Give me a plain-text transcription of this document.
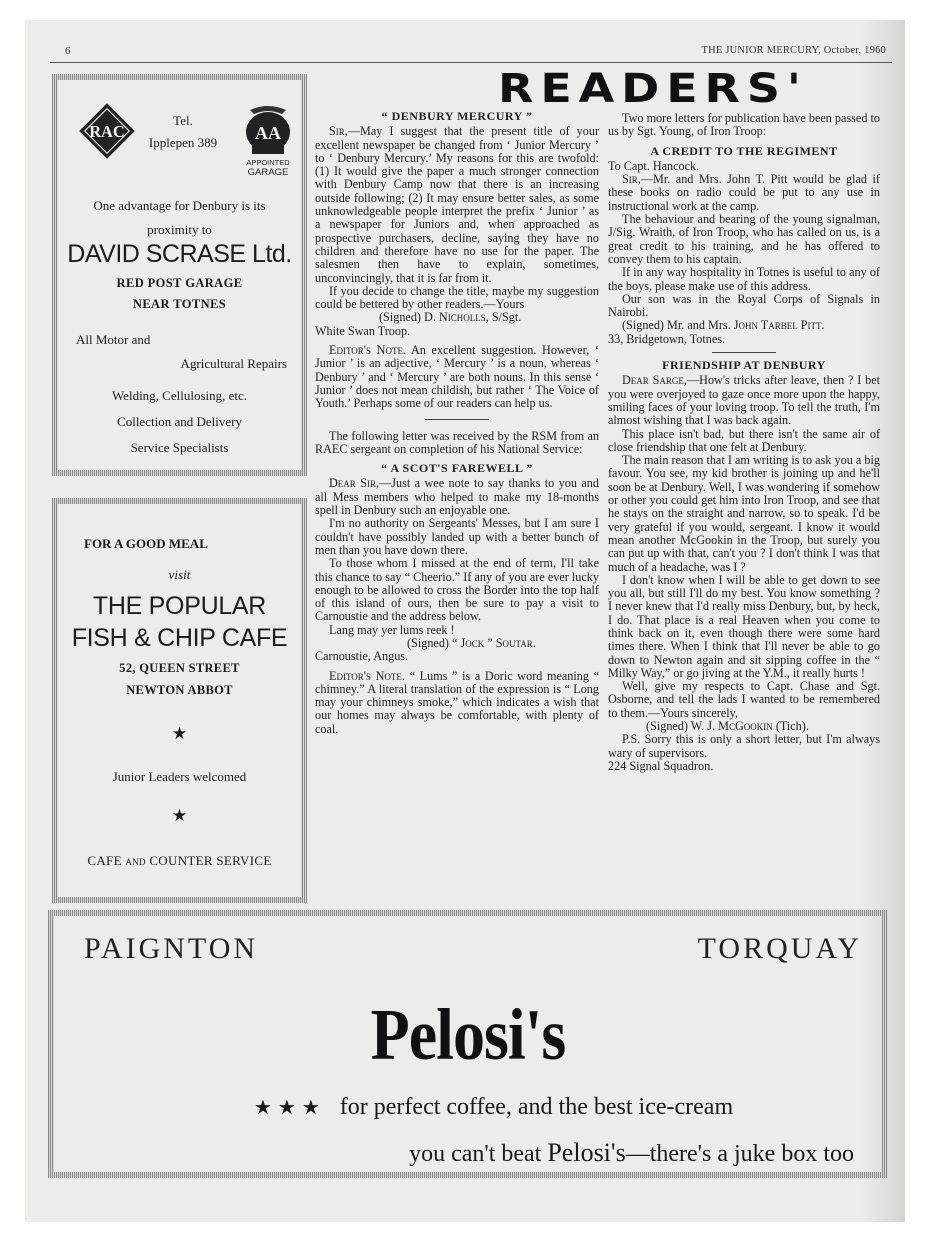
6	THE JUNIOR MERCURY, October, 1960
RAC
Tel.
Ipplepen 389	AA
APPOINTED
GARAGE
One advantage for Denbury is its
proximity to
DAVID SCRASE Ltd.
RED POST GARAGE
NEAR TOTNES
All Motor and
Agricultural Repairs
Welding, Cellulosing, etc.
Collection and Delivery
Service Specialists
FOR A GOOD MEAL
visit
THE POPULAR
FISH & CHIP CAFE
52, QUEEN STREET
NEWTON ABBOT
★
Junior Leaders welcomed
★
CAFE and COUNTER SERVICE
READERS'

“ DENBURY MERCURY ”

Sir,—May I suggest that the present title of your excellent newspaper be changed from ‘ Junior Mercury ’ to ‘ Denbury Mercury.’ My reasons for this are twofold: (1) It would give the paper a much stronger connection with Denbury Camp now that there is an increasing outside following; (2) It may ensure better sales, as some unknowledgeable people interpret the prefix ‘ Junior ’ as a newspaper for Juniors and, when approached as prospective purchasers, decline, saying they have no children and therefore have no use for the paper. The salesmen then have to explain, sometimes, unconvincingly, that it is far from it.

If you decide to change the title, maybe my suggestion could be bettered by other readers.—Yours

(Signed) D. Nicholls, S/Sgt.

White Swan Troop.

Editor's Note. An excellent suggestion. However, ‘ Junior ’ is an adjective, ‘ Mercury ’ is a noun, whereas ‘ Denbury ’ and ‘ Mercury ’ are both nouns. In this sense ‘ Junior ’ does not mean childish, but rather ‘ The Voice of Youth.’ Perhaps some of our readers can help us.

The following letter was received by the RSM from an RAEC sergeant on completion of his National Service:

“ A SCOT'S FAREWELL ”

Dear Sir,—Just a wee note to say thanks to you and all Mess members who helped to make my 18-months spell in Denbury such an enjoyable one.

I'm no authority on Sergeants' Messes, but I am sure I couldn't have possibly landed up with a better bunch of men than you have down there.

To those whom I missed at the end of term, I'll take this chance to say “ Cheerio.” If any of you are ever lucky enough to be allowed to cross the Border into the top half of this island of ours, then be sure to pay a visit to Carnoustie and the address below.

Lang may yer lums reek !

(Signed) “ Jock ” Soutar.

Carnoustie, Angus.

Editor's Note. “ Lums ” is a Doric word meaning “ chimney.” A literal translation of the expression is “ Long may your chimneys smoke,” which indicates a wish that our homes may always be comfortable, with plenty of coal.

Two more letters for publication have been passed to us by Sgt. Young, of Iron Troop:

A CREDIT TO THE REGIMENT

To Capt. Hancock.

Sir,—Mr. and Mrs. John T. Pitt would be glad if these books on radio could be put to any use in instructional work at the camp.

The behaviour and bearing of the young signalman, J/Sig. Wraith, of Iron Troop, who has called on us, is a great credit to his training, and he has offered to convey them to his captain.

If in any way hospitality in Totnes is useful to any of the boys, please make use of this address.

Our son was in the Royal Corps of Signals in Nairobi.

(Signed) Mr. and Mrs. John Tarbel Pitt.

33, Bridgetown, Totnes.

FRIENDSHIP AT DENBURY

Dear Sarge,—How's tricks after leave, then ? I bet you were overjoyed to gaze once more upon the happy, smiling faces of your loving troop. To tell the truth, I'm almost wishing that I was back again.

This place isn't bad, but there isn't the same air of close friendship that one felt at Denbury.

The main reason that I am writing is to ask you a big favour. You see, my kid brother is joining up and he'll soon be at Denbury. Well, I was wondering if somehow or other you could get him into Iron Troop, and see that he stays on the straight and narrow, so to speak. I'd be very grateful if you would, sergeant. I know it would mean another McGookin in the Troop, but surely you can put up with that, can't you ? I don't think I was that much of a headache, was I ?

I don't know when I will be able to get down to see you all, but still I'll do my best. You know something ? I never knew that I'd really miss Denbury, but, by heck, I do. That place is a real Heaven when you come to think back on it, even though there were some hard times there. When I think that I'll never be able to go down to Newton again and sit sipping coffee in the “ Milky Way,” or go jiving at the Y.M., it really hurts !

Well, give my respects to Capt. Chase and Sgt. Osborne, and tell the lads I wanted to be remembered to them.—Yours sincerely,

(Signed) W. J. McGookin (Tich).

P.S. Sorry this is only a short letter, but I'm always wary of supervisors.

224 Signal Squadron.

PAIGNTON	TORQUAY
Pelosi's
★★★ for perfect coffee, and the best ice-cream
you can't beat Pelosi's—there's a juke box too
